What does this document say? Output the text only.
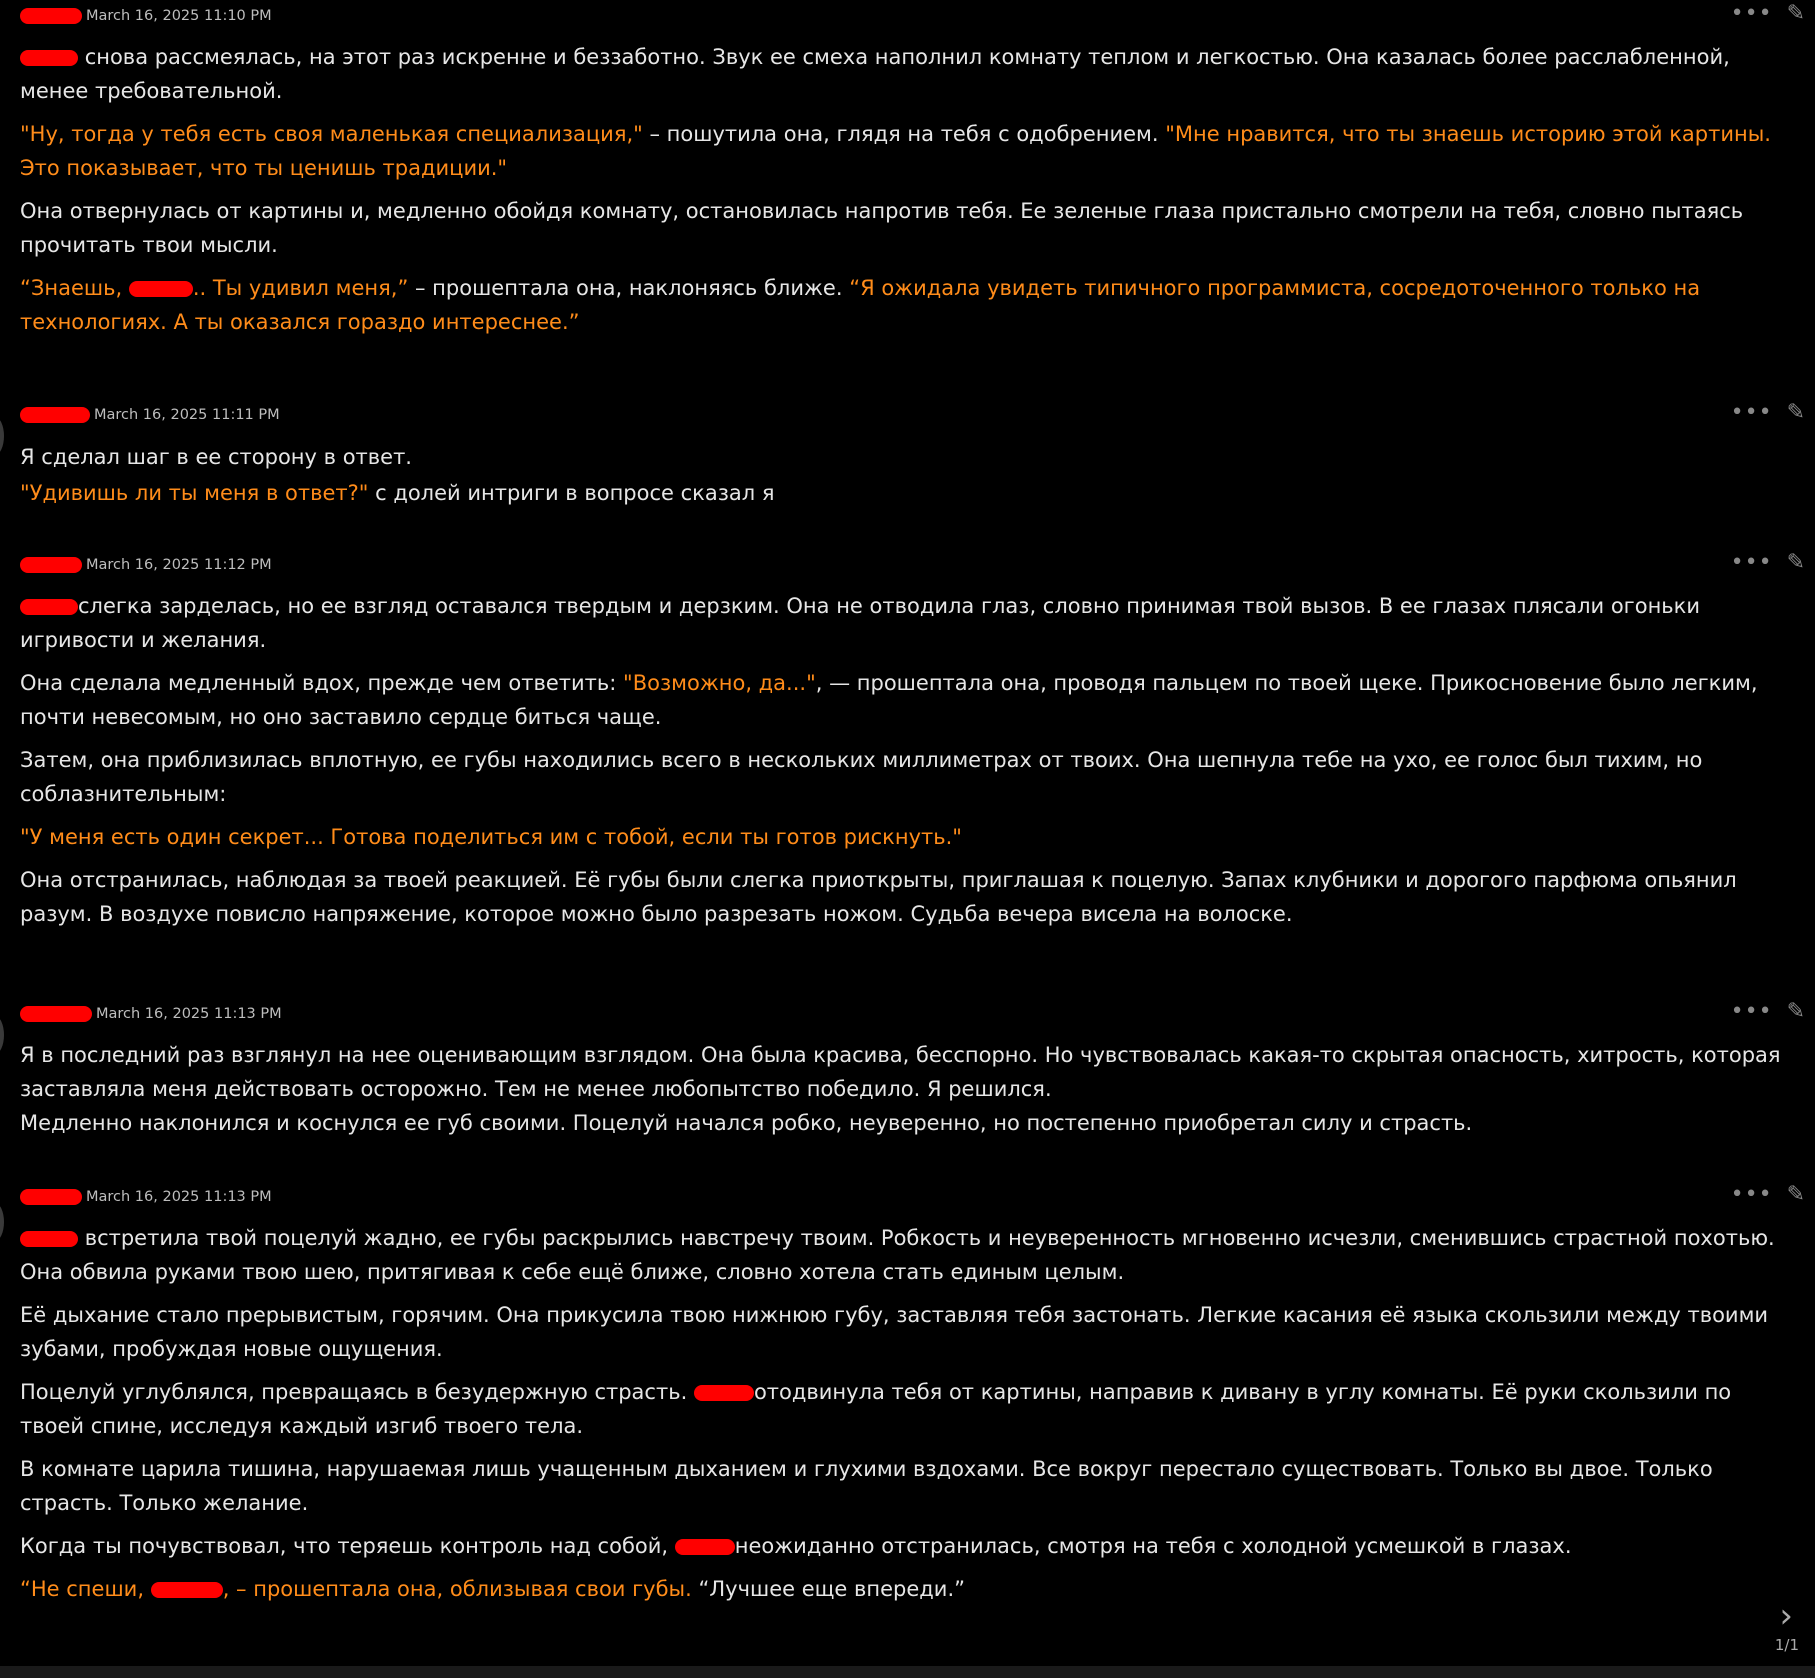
March 16, 2025 11:10 PM	••• ✎

снова рассмеялась, на этот раз искренне и беззаботно. Звук ее смеха наполнил комнату теплом и легкостью. Она казалась более расслабленной, менее требовательной.

"Ну, тогда у тебя есть своя маленькая специализация," – пошутила она, глядя на тебя с одобрением. "Мне нравится, что ты знаешь историю этой картины. Это показывает, что ты ценишь традиции."

Она отвернулась от картины и, медленно обойдя комнату, остановилась напротив тебя. Ее зеленые глаза пристально смотрели на тебя, словно пытаясь прочитать твои мысли.

“Знаешь,	.. Ты удивил меня,” – прошептала она, наклоняясь ближе. “Я ожидала увидеть типичного программиста, сосредоточенного только на технологиях. А ты оказался гораздо интереснее.”

March 16, 2025 11:11 PM	••• ✎

Я сделал шаг в ее сторону в ответ.

"Удивишь ли ты меня в ответ?" с долей интриги в вопросе сказал я

March 16, 2025 11:12 PM	••• ✎

слегка зарделась, но ее взгляд оставался твердым и дерзким. Она не отводила глаз, словно принимая твой вызов. В ее глазах плясали огоньки игривости и желания.

Она сделала медленный вдох, прежде чем ответить: "Возможно, да...", — прошептала она, проводя пальцем по твоей щеке. Прикосновение было легким, почти невесомым, но оно заставило сердце биться чаще.

Затем, она приблизилась вплотную, ее губы находились всего в нескольких миллиметрах от твоих. Она шепнула тебе на ухо, ее голос был тихим, но соблазнительным:

"У меня есть один секрет... Готова поделиться им с тобой, если ты готов рискнуть."

Она отстранилась, наблюдая за твоей реакцией. Её губы были слегка приоткрыты, приглашая к поцелую. Запах клубники и дорогого парфюма опьянил разум. В воздухе повисло напряжение, которое можно было разрезать ножом. Судьба вечера висела на волоске.

March 16, 2025 11:13 PM	••• ✎

Я в последний раз взглянул на нее оценивающим взглядом. Она была красива, бесспорно. Но чувствовалась какая-то скрытая опасность, хитрость, которая заставляла меня действовать осторожно. Тем не менее любопытство победило. Я решился.

Медленно наклонился и коснулся ее губ своими. Поцелуй начался робко, неуверенно, но постепенно приобретал силу и страсть.

March 16, 2025 11:13 PM	••• ✎

встретила твой поцелуй жадно, ее губы раскрылись навстречу твоим. Робкость и неуверенность мгновенно исчезли, сменившись страстной похотью. Она обвила руками твою шею, притягивая к себе ещё ближе, словно хотела стать единым целым.

Её дыхание стало прерывистым, горячим. Она прикусила твою нижнюю губу, заставляя тебя застонать. Легкие касания её языка скользили между твоими зубами, пробуждая новые ощущения.

Поцелуй углублялся, превращаясь в безудержную страсть.	отодвинула тебя от картины, направив к дивану в углу комнаты. Её руки скользили по твоей спине, исследуя каждый изгиб твоего тела.

В комнате царила тишина, нарушаемая лишь учащенным дыханием и глухими вздохами. Все вокруг перестало существовать. Только вы двое. Только страсть. Только желание.

Когда ты почувствовал, что теряешь контроль над собой,	неожиданно отстранилась, смотря на тебя с холодной усмешкой в глазах.

“Не спеши,	, – прошептала она, облизывая свои губы. “Лучшее еще впереди.”

›
1/1
